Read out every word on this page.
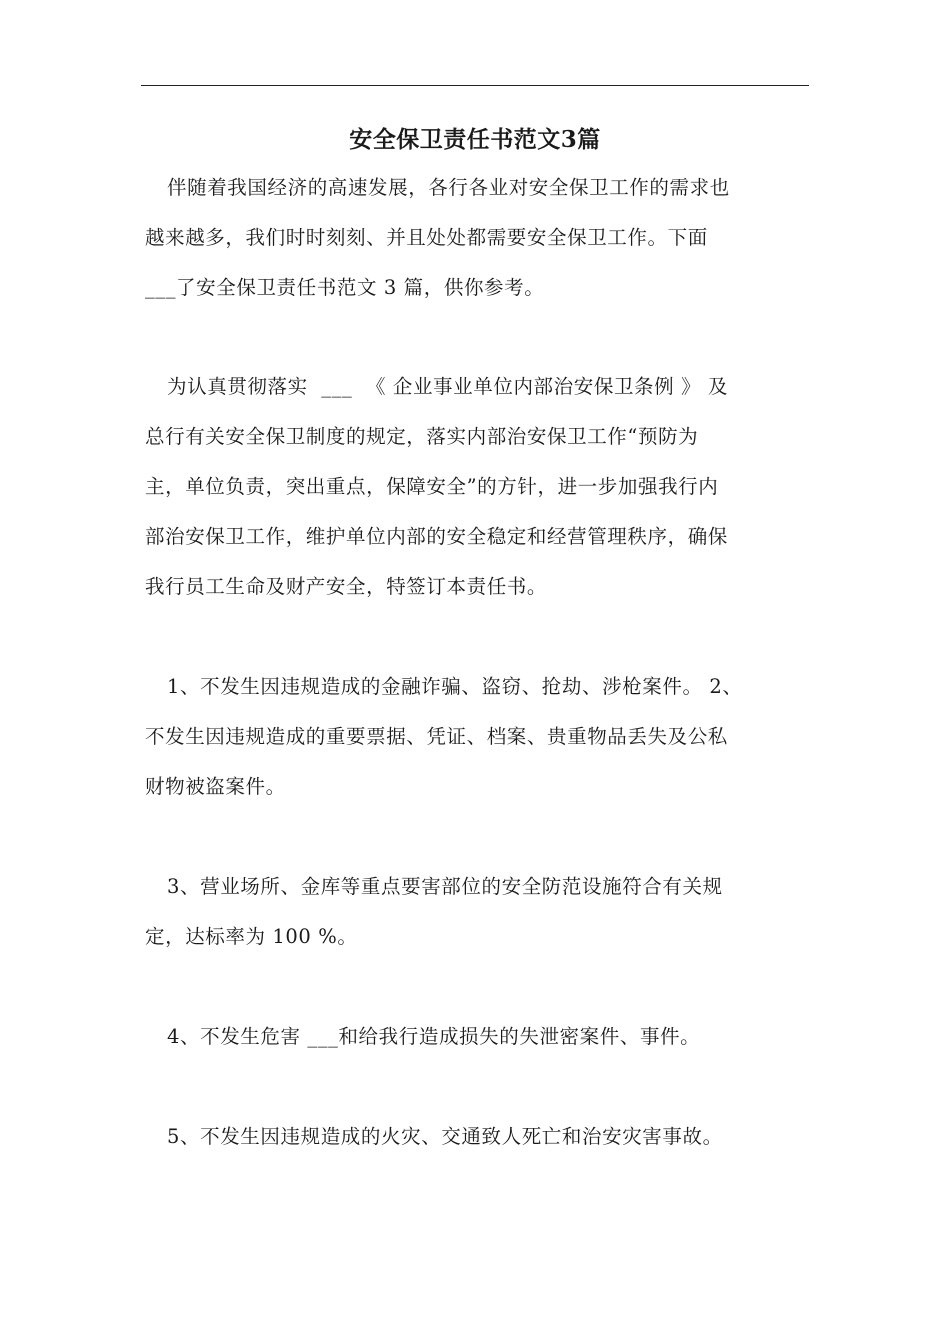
安全保卫责任书范文3篇
伴随着我国经济的高速发展，各行各业对安全保卫工作的需求也
越来越多，我们时时刻刻、并且处处都需要安全保卫工作。下面
___了安全保卫责任书范文 3 篇，供你参考。
为认真贯彻落实  ___  《 企业事业单位内部治安保卫条例 》 及
总行有关安全保卫制度的规定，落实内部治安保卫工作“预防为
主，单位负责，突出重点，保障安全”的方针，进一步加强我行内
部治安保卫工作，维护单位内部的安全稳定和经营管理秩序，确保
我行员工生命及财产安全，特签订本责任书。
1、不发生因违规造成的金融诈骗、盗窃、抢劫、涉枪案件。 2、
不发生因违规造成的重要票据、凭证、档案、贵重物品丢失及公私
财物被盗案件。
3、营业场所、金库等重点要害部位的安全防范设施符合有关规
定，达标率为 100 %。
4、不发生危害 ___和给我行造成损失的失泄密案件、事件。
5、不发生因违规造成的火灾、交通致人死亡和治安灾害事故。
